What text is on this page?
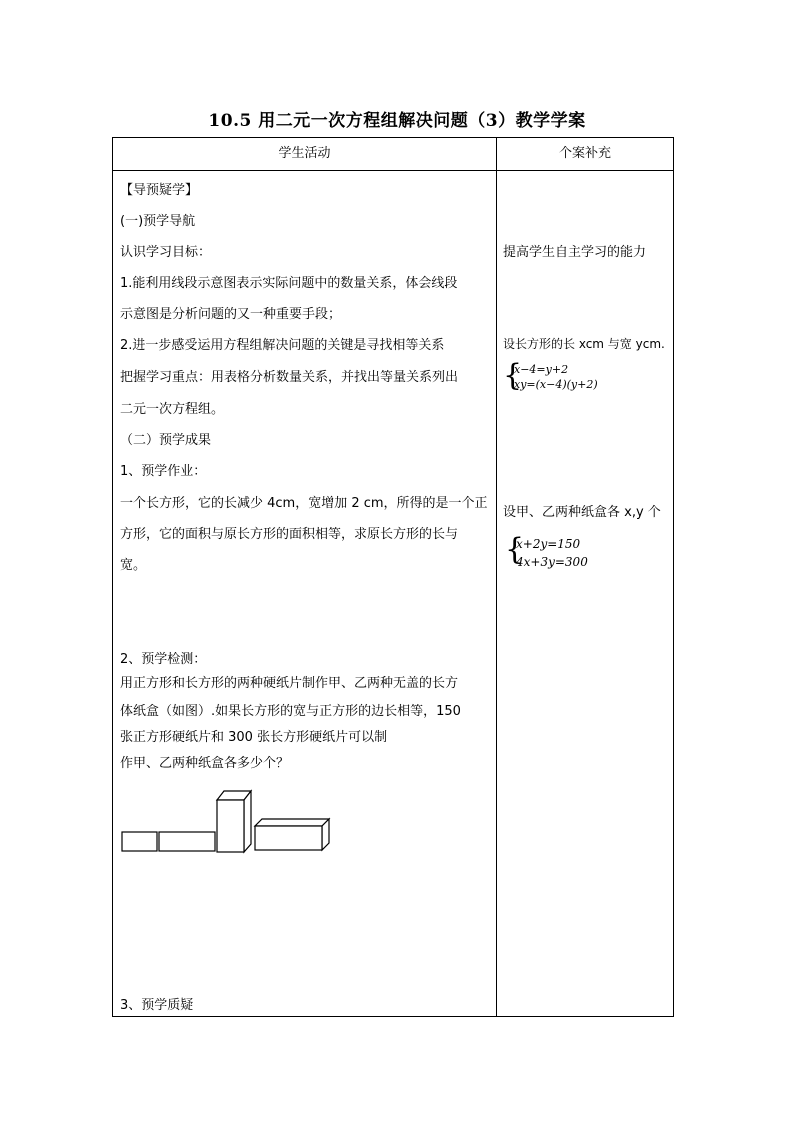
10.5 用二元一次方程组解决问题（3）教学学案
学生活动	个案补充
【导预疑学】
(一)预学导航
认识学习目标：
1.能利用线段示意图表示实际问题中的数量关系，体会线段
示意图是分析问题的又一种重要手段；
2.进一步感受运用方程组解决问题的关键是寻找相等关系
把握学习重点：用表格分析数量关系，并找出等量关系列出
二元一次方程组。
（二）预学成果
1、预学作业：
一个长方形，它的长减少 4cm，宽增加 2 cm，所得的是一个正
方形，它的面积与原长方形的面积相等，求原长方形的长与
宽。
2、预学检测：
用正方形和长方形的两种硬纸片制作甲、乙两种无盖的长方
体纸盒（如图）.如果长方形的宽与正方形的边长相等，150
张正方形硬纸片和 300 张长方形硬纸片可以制
作甲、乙两种纸盒各多少个？
3、预学质疑
提高学生自主学习的能力
设长方形的长 xcm 与宽 ycm.
{
x−4=y+2
xy=(x−4)(y+2)
设甲、乙两种纸盒各 x,y 个
{
x+2y=150
4x+3y=300
